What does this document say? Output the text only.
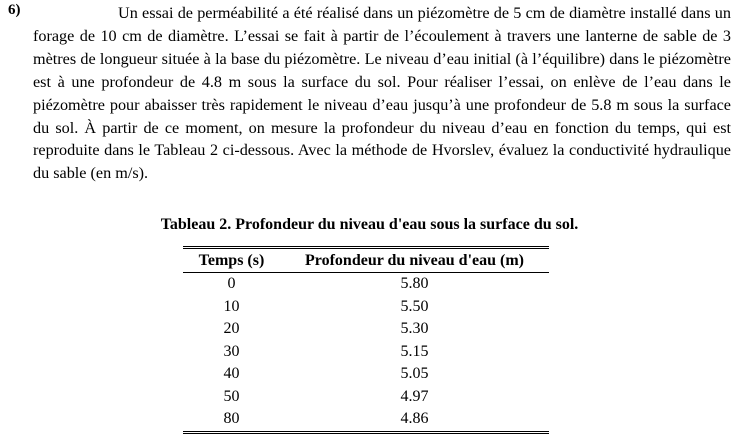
6)	Un essai de perméabilité a été réalisé dans un piézomètre de 5 cm de diamètre installé dans un forage de 10 cm de diamètre. L’essai se fait à partir de l’écoulement à travers une lanterne de sable de 3 mètres de longueur située à la base du piézomètre. Le niveau d’eau initial (à l’équilibre) dans le piézomètre est à une profondeur de 4.8 m sous la surface du sol. Pour réaliser l’essai, on enlève de l’eau dans le piézomètre pour abaisser très rapidement le niveau d’eau jusqu’à une profondeur de 5.8 m sous la surface du sol. À partir de ce moment, on mesure la profondeur du niveau d’eau en fonction du temps, qui est reproduite dans le Tableau 2 ci-dessous. Avec la méthode de Hvorslev, évaluez la conductivité hydraulique du sable (en m/s).

Tableau 2. Profondeur du niveau d'eau sous la surface du sol.

Temps (s)	Profondeur du niveau d'eau (m)
0	5.80
10	5.50
20	5.30
30	5.15
40	5.05
50	4.97
80	4.86
